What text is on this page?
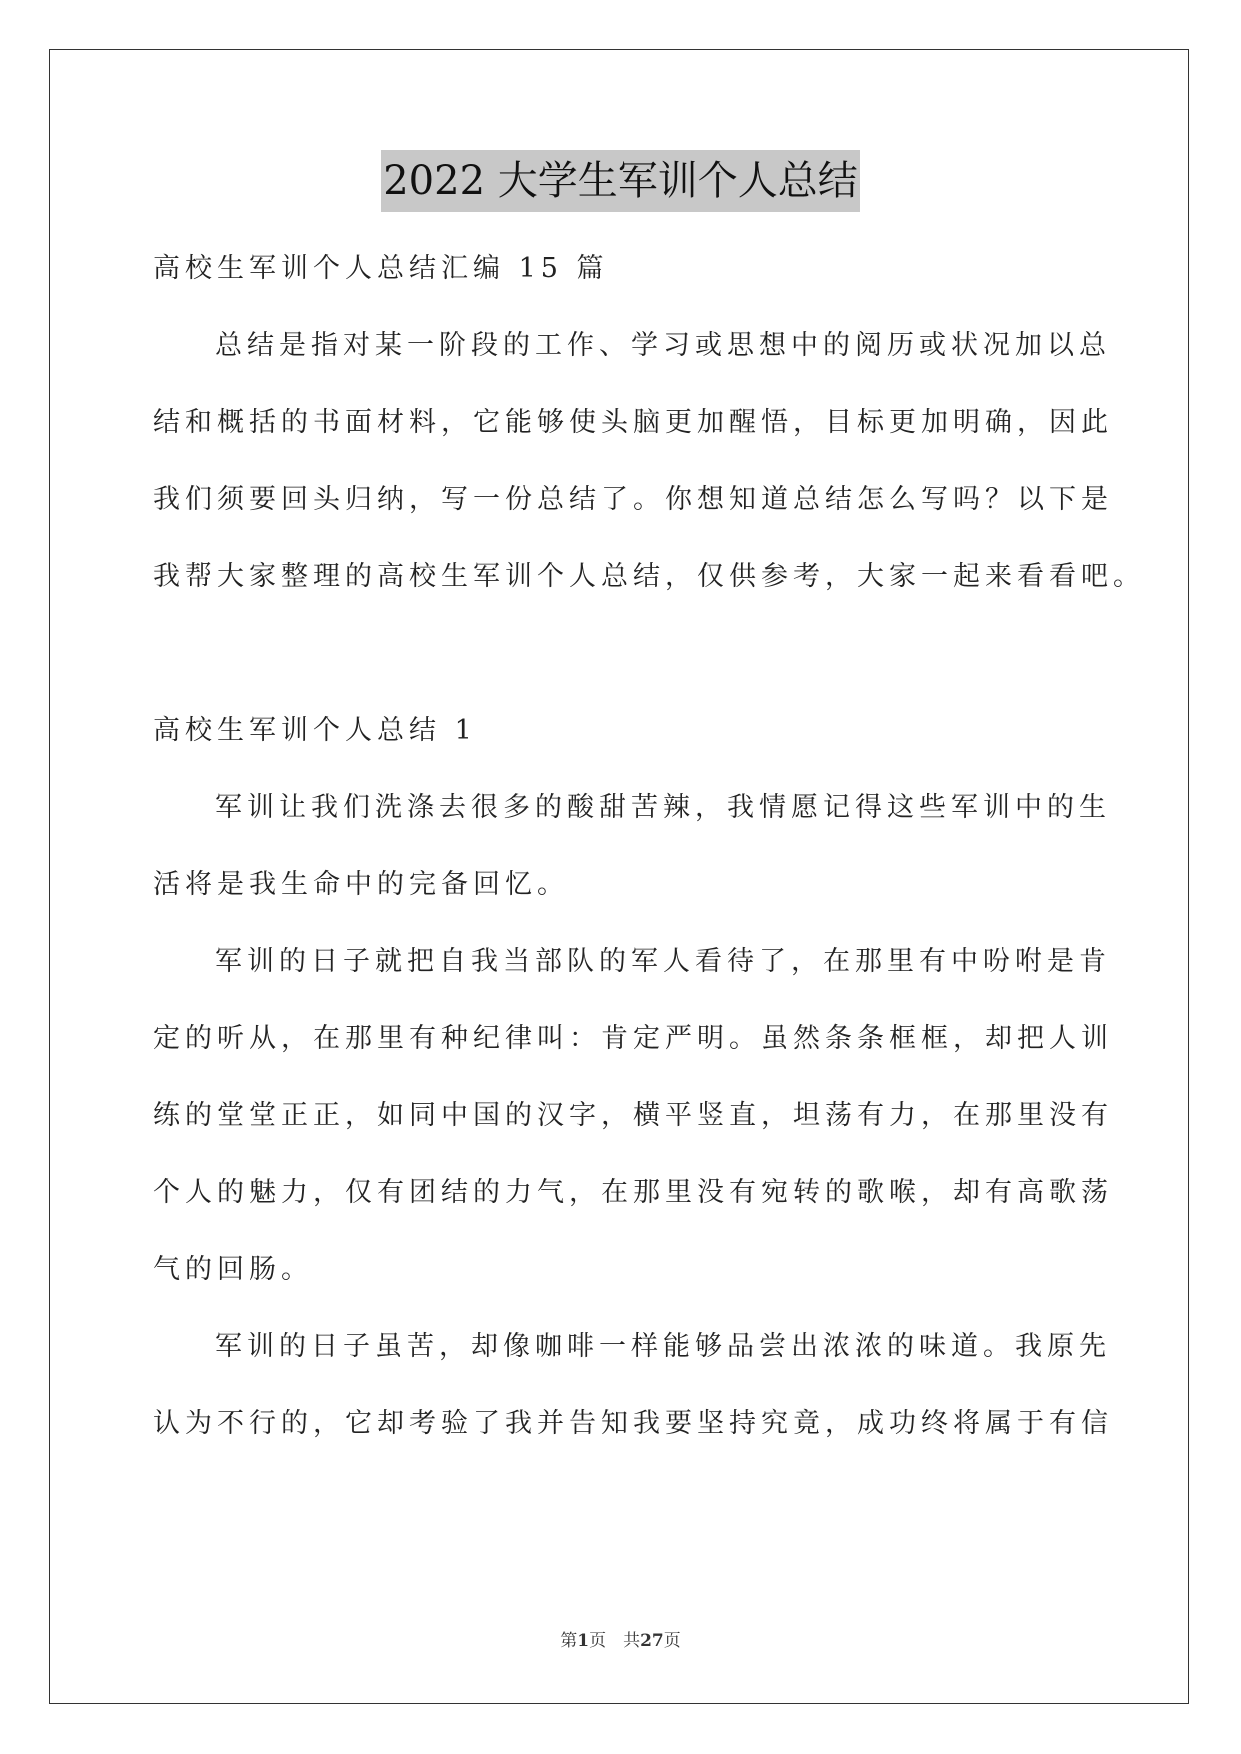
2022 大学生军训个人总结
高校生军训个人总结汇编 15 篇
总结是指对某一阶段的工作、学习或思想中的阅历或状况加以总
结和概括的书面材料，它能够使头脑更加醒悟，目标更加明确，因此
我们须要回头归纳，写一份总结了。你想知道总结怎么写吗？以下是
我帮大家整理的高校生军训个人总结，仅供参考，大家一起来看看吧。
高校生军训个人总结 1
军训让我们洗涤去很多的酸甜苦辣，我情愿记得这些军训中的生
活将是我生命中的完备回忆。
军训的日子就把自我当部队的军人看待了，在那里有中吩咐是肯
定的听从，在那里有种纪律叫：肯定严明。虽然条条框框，却把人训
练的堂堂正正，如同中国的汉字，横平竖直，坦荡有力，在那里没有
个人的魅力，仅有团结的力气，在那里没有宛转的歌喉，却有高歌荡
气的回肠。
军训的日子虽苦，却像咖啡一样能够品尝出浓浓的味道。我原先
认为不行的，它却考验了我并告知我要坚持究竟，成功终将属于有信
第1页　共27页
